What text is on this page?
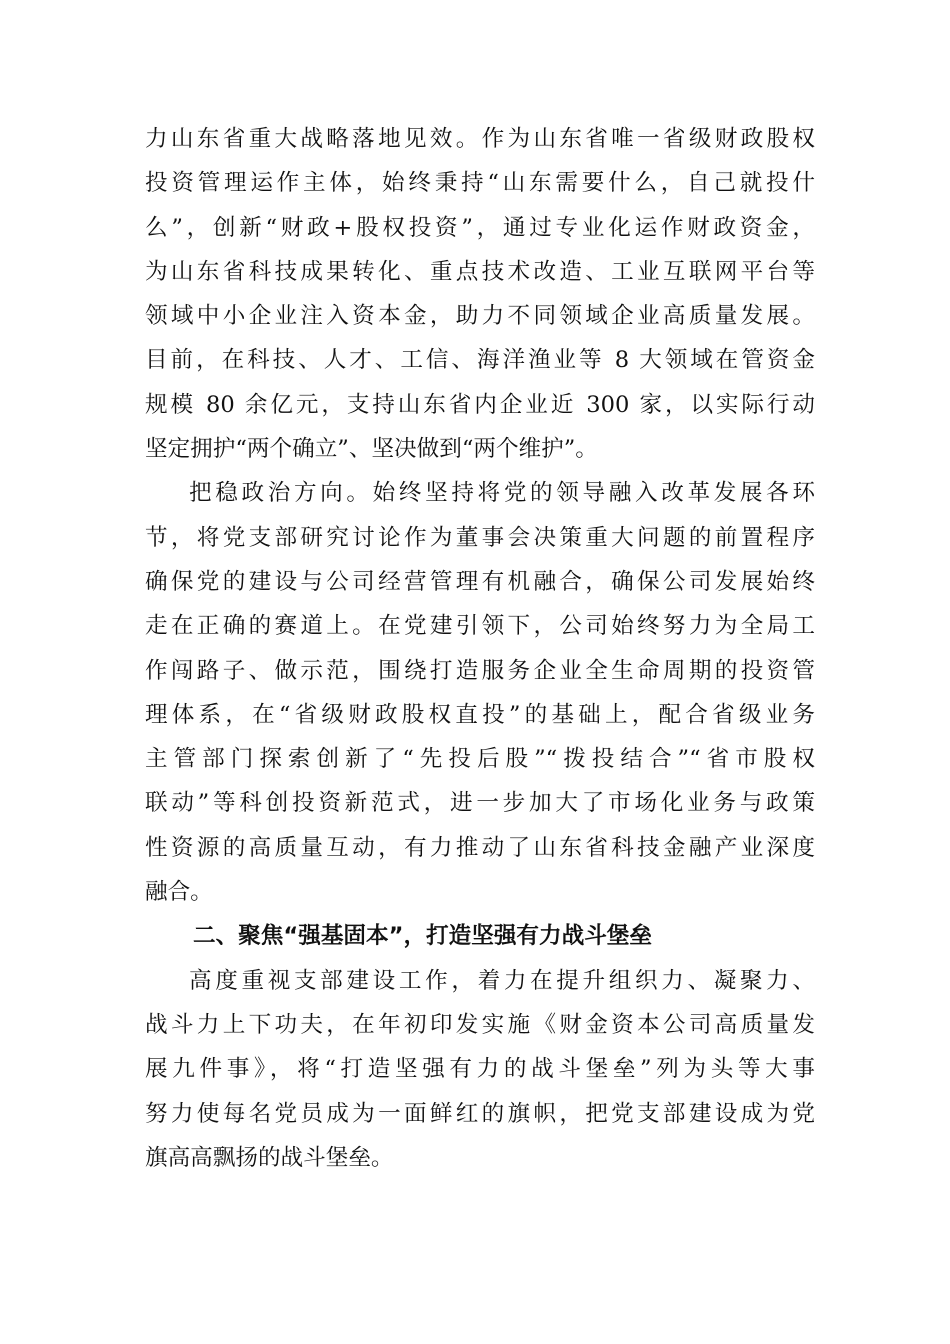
力山东省重大战略落地见效。作为山东省唯一省级财政股权
投资管理运作主体，始终秉持“山东需要什么，自己就投什
么”，创新“财政+股权投资”，通过专业化运作财政资金，
为山东省科技成果转化、重点技术改造、工业互联网平台等
领域中小企业注入资本金，助力不同领域企业高质量发展。
目前，在科技、人才、工信、海洋渔业等 8 大领域在管资金
规模 80 余亿元，支持山东省内企业近 300 家，以实际行动
坚定拥护“两个确立”、坚决做到“两个维护”。
把稳政治方向。始终坚持将党的领导融入改革发展各环
节，将党支部研究讨论作为董事会决策重大问题的前置程序
确保党的建设与公司经营管理有机融合，确保公司发展始终
走在正确的赛道上。在党建引领下，公司始终努力为全局工
作闯路子、做示范，围绕打造服务企业全生命周期的投资管
理体系，在“省级财政股权直投”的基础上，配合省级业务
主管部门探索创新了“先投后股”“拨投结合”“省市股权
联动”等科创投资新范式，进一步加大了市场化业务与政策
性资源的高质量互动，有力推动了山东省科技金融产业深度
融合。
二、聚焦“强基固本”，打造坚强有力战斗堡垒
高度重视支部建设工作，着力在提升组织力、凝聚力、
战斗力上下功夫，在年初印发实施《财金资本公司高质量发
展九件事》，将“打造坚强有力的战斗堡垒”列为头等大事
努力使每名党员成为一面鲜红的旗帜，把党支部建设成为党
旗高高飘扬的战斗堡垒。
